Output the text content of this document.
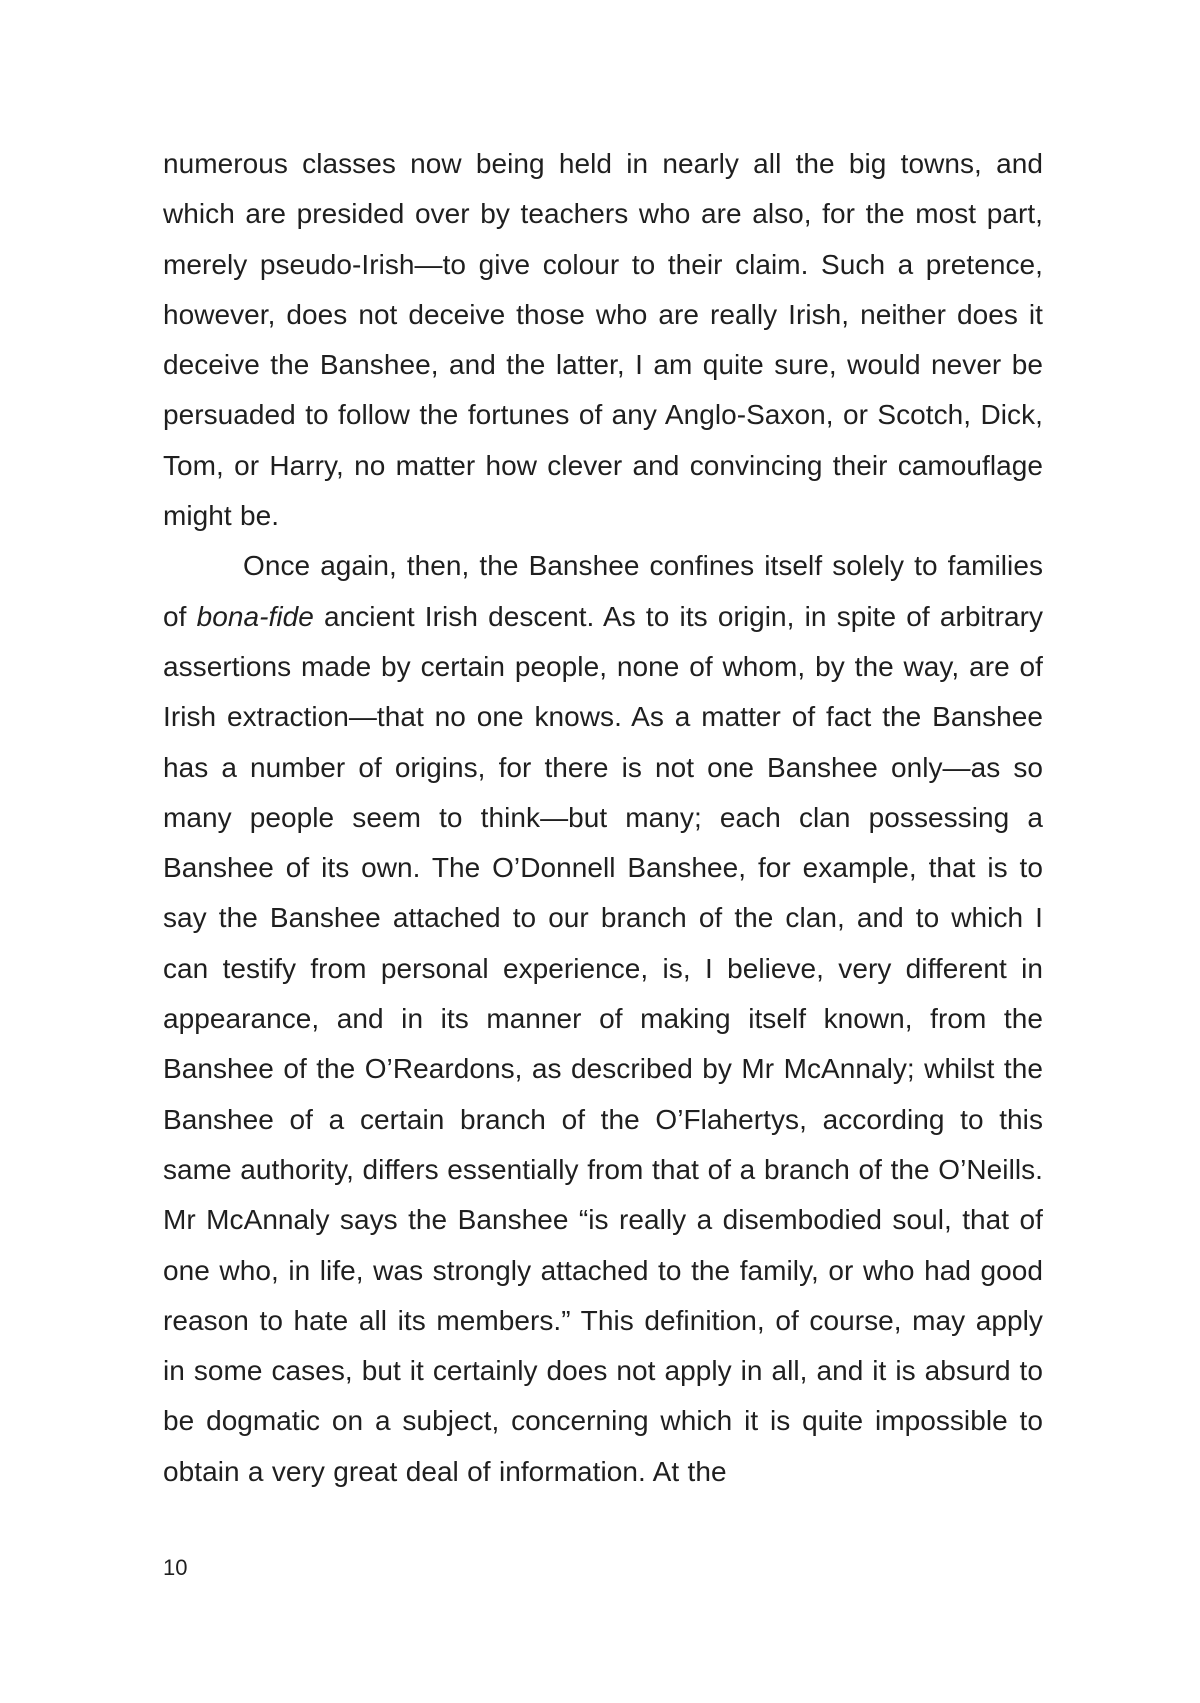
numerous classes now being held in nearly all the big towns, and which are presided over by teachers who are also, for the most part, merely pseudo-Irish—to give colour to their claim. Such a pretence, however, does not deceive those who are really Irish, neither does it deceive the Banshee, and the latter, I am quite sure, would never be persuaded to follow the fortunes of any Anglo-Saxon, or Scotch, Dick, Tom, or Harry, no matter how clever and convincing their camouflage might be.

Once again, then, the Banshee confines itself solely to families of bona-fide ancient Irish descent. As to its origin, in spite of arbitrary assertions made by certain people, none of whom, by the way, are of Irish extraction—that no one knows. As a matter of fact the Banshee has a number of origins, for there is not one Banshee only—as so many people seem to think—but many; each clan possessing a Banshee of its own. The O’Donnell Banshee, for example, that is to say the Banshee attached to our branch of the clan, and to which I can testify from personal experience, is, I believe, very different in appearance, and in its manner of making itself known, from the Banshee of the O’Reardons, as described by Mr McAnnaly; whilst the Banshee of a certain branch of the O’Flahertys, according to this same authority, differs essentially from that of a branch of the O’Neills. Mr McAnnaly says the Banshee “is really a disembodied soul, that of one who, in life, was strongly attached to the family, or who had good reason to hate all its members.” This definition, of course, may apply in some cases, but it certainly does not apply in all, and it is absurd to be dogmatic on a subject, concerning which it is quite impossible to obtain a very great deal of information. At the

10
